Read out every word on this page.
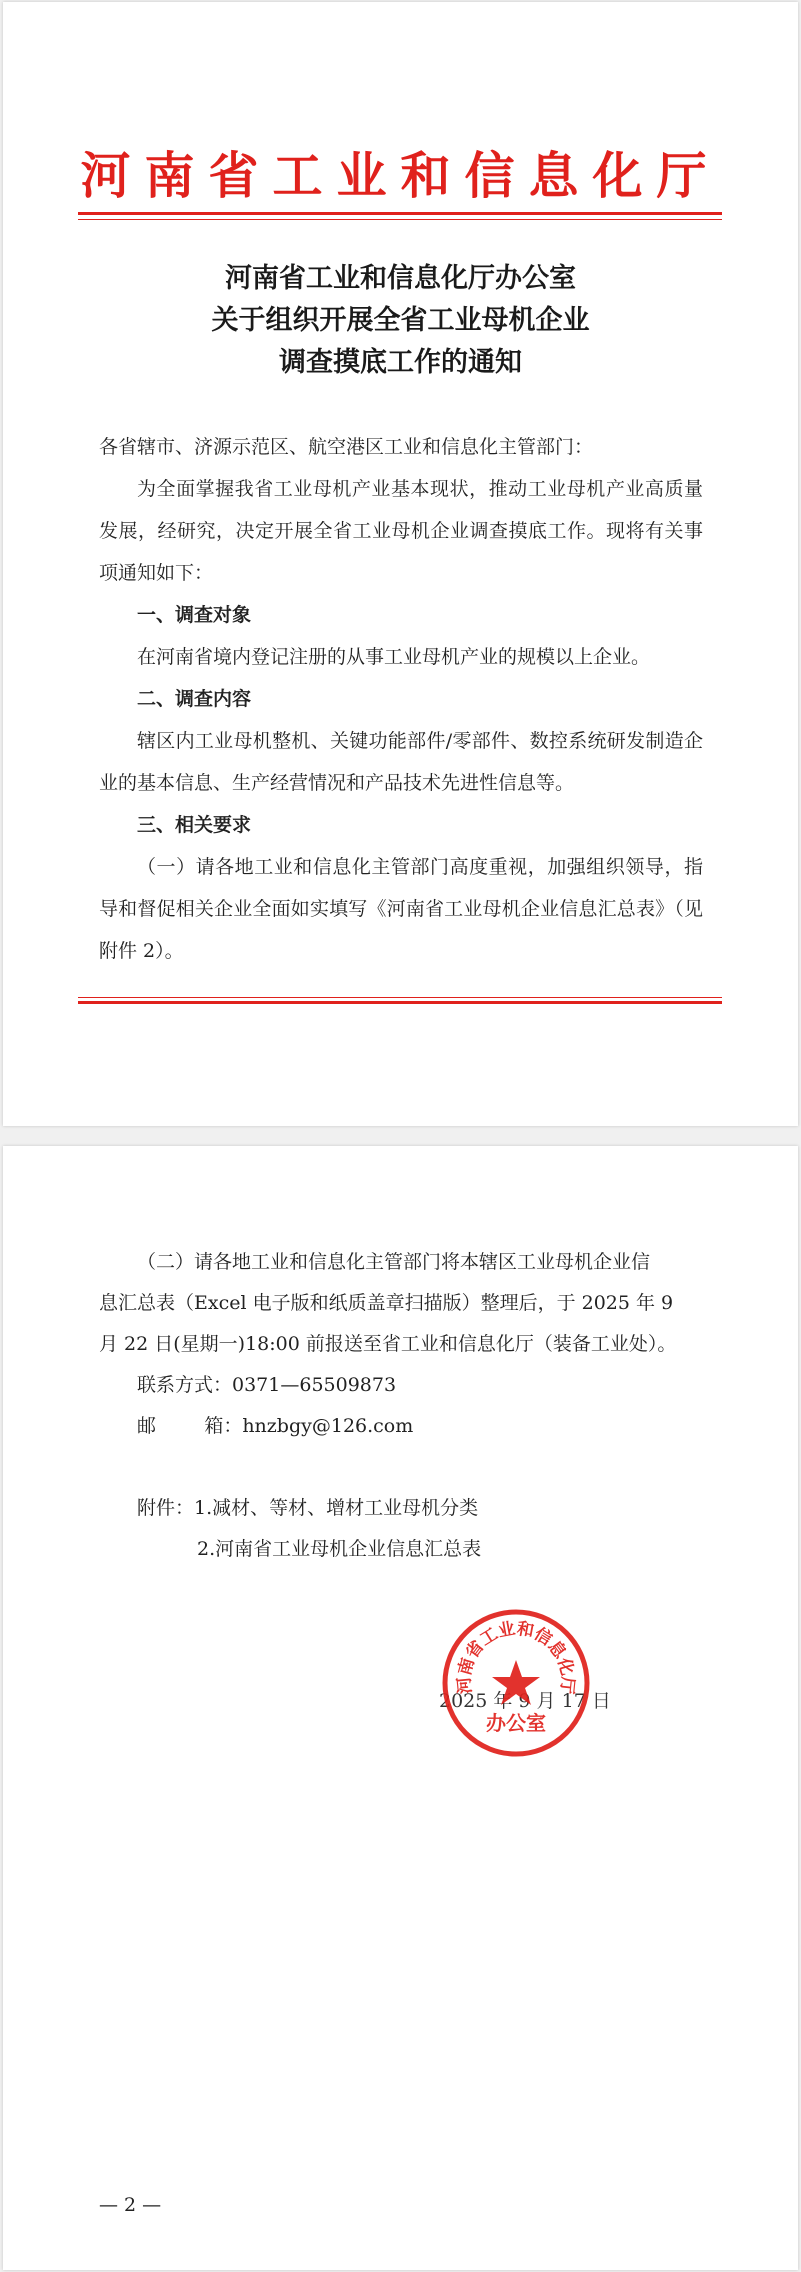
河南省工业和信息化厅
河南省工业和信息化厅办公室
关于组织开展全省工业母机企业
调查摸底工作的通知

各省辖市、济源示范区、航空港区工业和信息化主管部门：

为全面掌握我省工业母机产业基本现状，推动工业母机产业高质量发展，经研究，决定开展全省工业母机企业调查摸底工作。现将有关事项通知如下：

一、调查对象

在河南省境内登记注册的从事工业母机产业的规模以上企业。

二、调查内容

辖区内工业母机整机、关键功能部件/零部件、数控系统研发制造企业的基本信息、生产经营情况和产品技术先进性信息等。

三、相关要求

（一）请各地工业和信息化主管部门高度重视，加强组织领导，指导和督促相关企业全面如实填写《河南省工业母机企业信息汇总表》（见附件 2）。

（二）请各地工业和信息化主管部门将本辖区工业母机企业信
息汇总表（Excel 电子版和纸质盖章扫描版）整理后，于 2025 年 9
月 22 日(星期一)18:00 前报送至省工业和信息化厅（装备工业处）。
联系方式：0371—65509873
邮        箱：hnzbgy@126.com
附件：1.减材、等材、增材工业母机分类
2.河南省工业母机企业信息汇总表
2025 年 9 月 17 日
河南省工业和信息化厅
办公室
— 2 —
